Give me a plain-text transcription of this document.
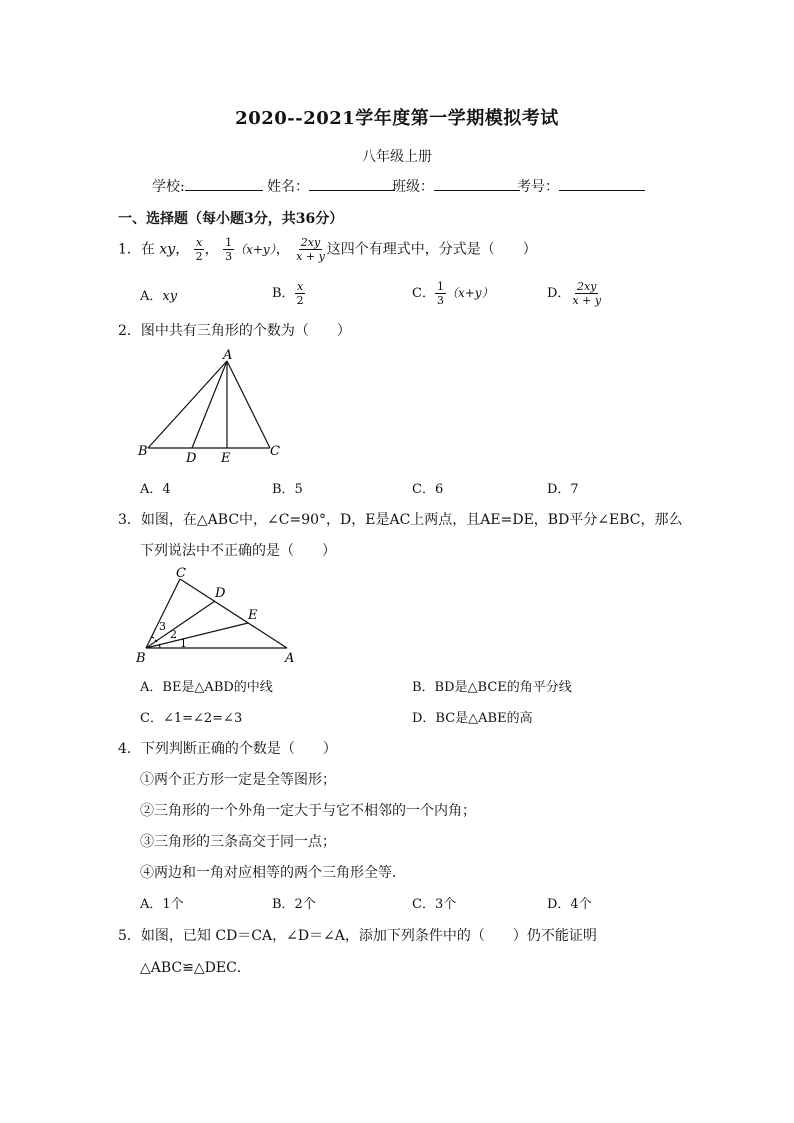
2020--2021学年度第一学期模拟考试
八年级上册
学校:	姓名：	班级：	考号：
一、选择题（每小题3分，共36分）
1．在 xy， $\frac{x}{2}$ ， $\frac{1}{3} (x+y)$， $\frac{2xy}{x + y}$ 这四个有理式中，分式是（　　）
A．xy	B． $\frac{x}{2}$	C． $\frac{1}{3} (x+y)$	D． $\frac{2xy}{x + y}$
2．图中共有三角形的个数为（　　）
A
B	C
D E
A．4	B．5	C．6	D．7
3．如图，在△ABC中，∠C=90°，D，E是AC上两点，且AE=DE，BD平分∠EBC，那么
下列说法中不正确的是（　　）
C
D
E
B	A
1
2
3
A．BE是△ABD的中线	B．BD是△BCE的角平分线
C．∠1=∠2=∠3	D．BC是△ABE的高
4．下列判断正确的个数是（　　）
①两个正方形一定是全等图形；
②三角形的一个外角一定大于与它不相邻的一个内角；
③三角形的三条高交于同一点；
④两边和一角对应相等的两个三角形全等．
A．1个	B．2个	C．3个	D．4个
5．如图，已知 CD＝CA，∠D＝∠A，添加下列条件中的（　　）仍不能证明
△ABC≌△DEC．
